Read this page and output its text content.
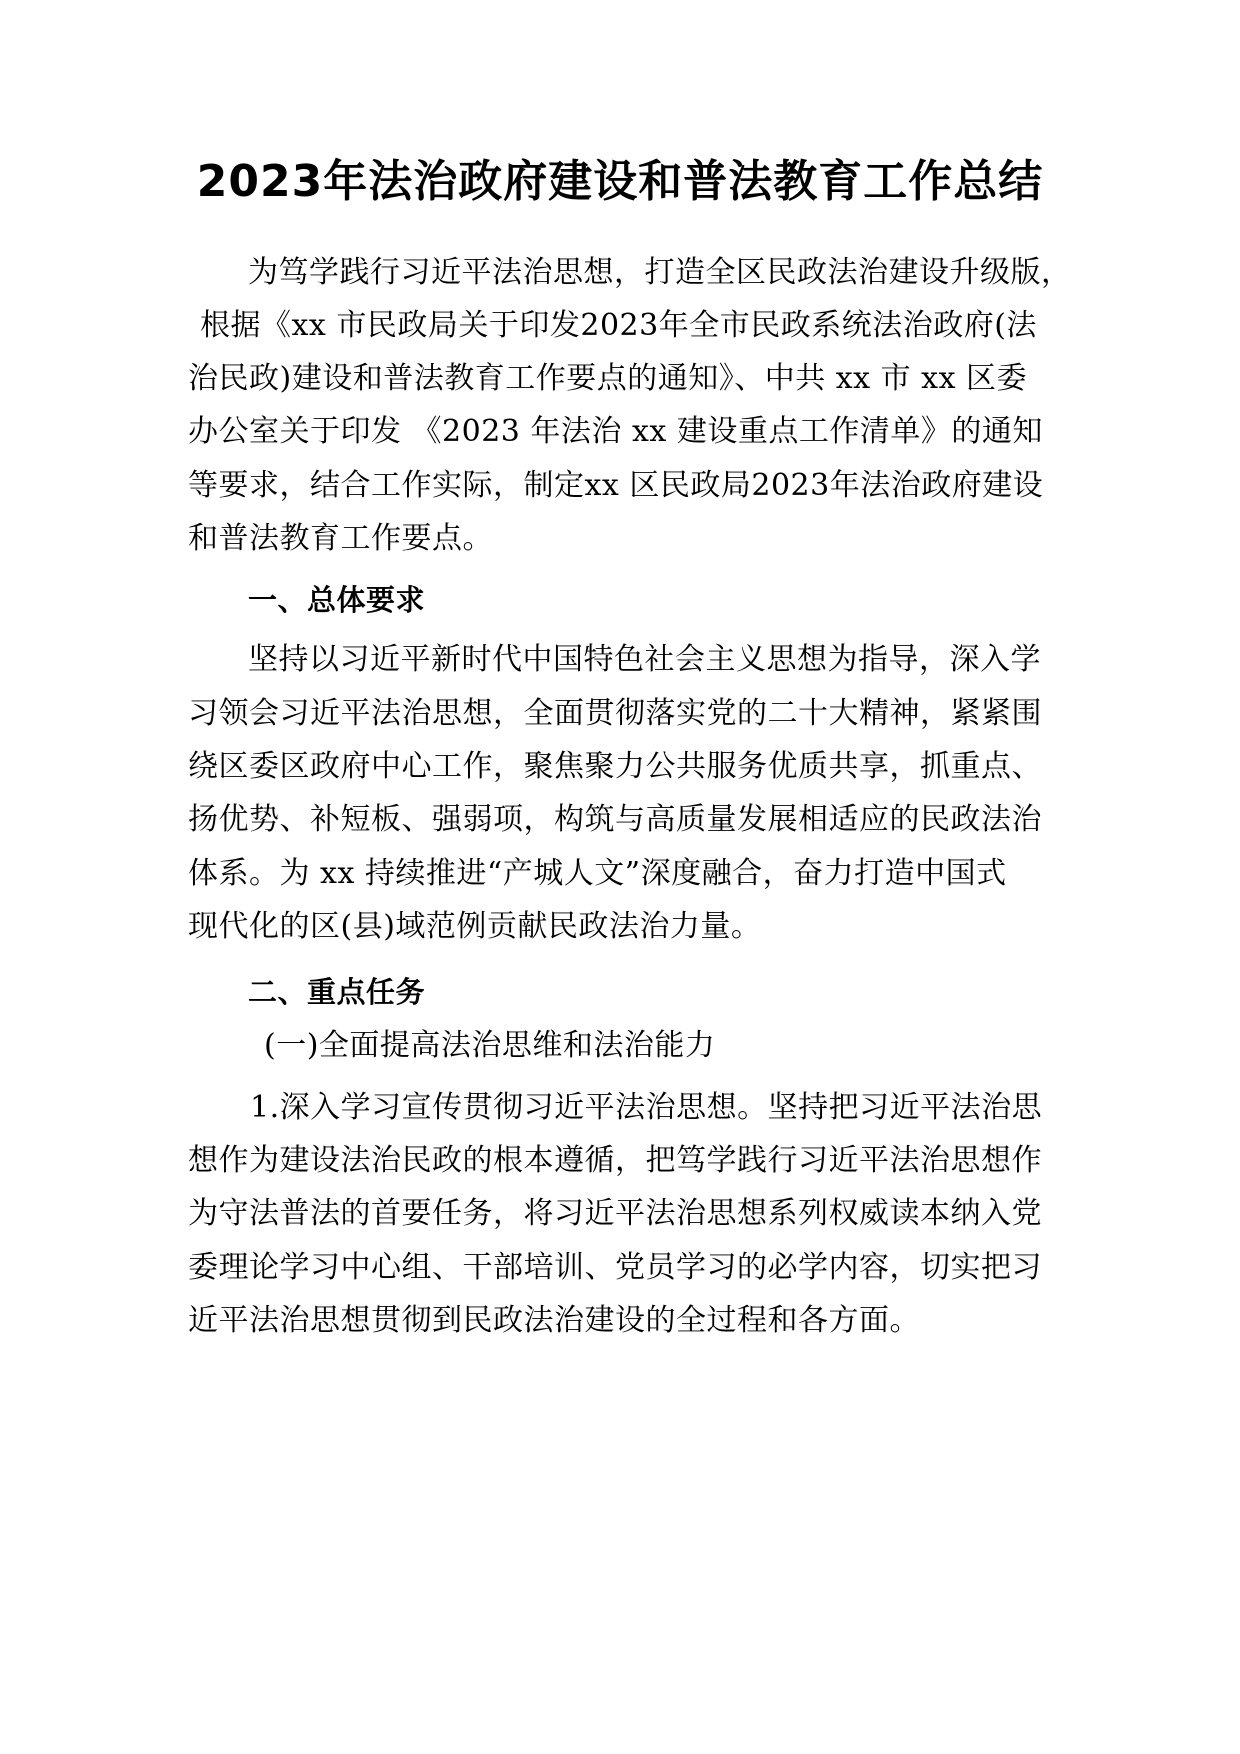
2023年法治政府建设和普法教育工作总结
为笃学践行习近平法治思想，打造全区民政法治建设升级版，
根据《xx 市民政局关于印发2023年全市民政系统法治政府(法
治民政)建设和普法教育工作要点的通知》、中共 xx 市 xx 区委
办公室关于印发 《2023 年法治 xx 建设重点工作清单》的通知
等要求，结合工作实际，制定xx 区民政局2023年法治政府建设
和普法教育工作要点。
一、总体要求
坚持以习近平新时代中国特色社会主义思想为指导，深入学
习领会习近平法治思想，全面贯彻落实党的二十大精神，紧紧围
绕区委区政府中心工作，聚焦聚力公共服务优质共享，抓重点、
扬优势、补短板、强弱项，构筑与高质量发展相适应的民政法治
体系。为 xx 持续推进“产城人文”深度融合，奋力打造中国式
现代化的区(县)域范例贡献民政法治力量。
二、重点任务
(一)全面提高法治思维和法治能力
1.深入学习宣传贯彻习近平法治思想。坚持把习近平法治思
想作为建设法治民政的根本遵循，把笃学践行习近平法治思想作
为守法普法的首要任务，将习近平法治思想系列权威读本纳入党
委理论学习中心组、干部培训、党员学习的必学内容，切实把习
近平法治思想贯彻到民政法治建设的全过程和各方面。
